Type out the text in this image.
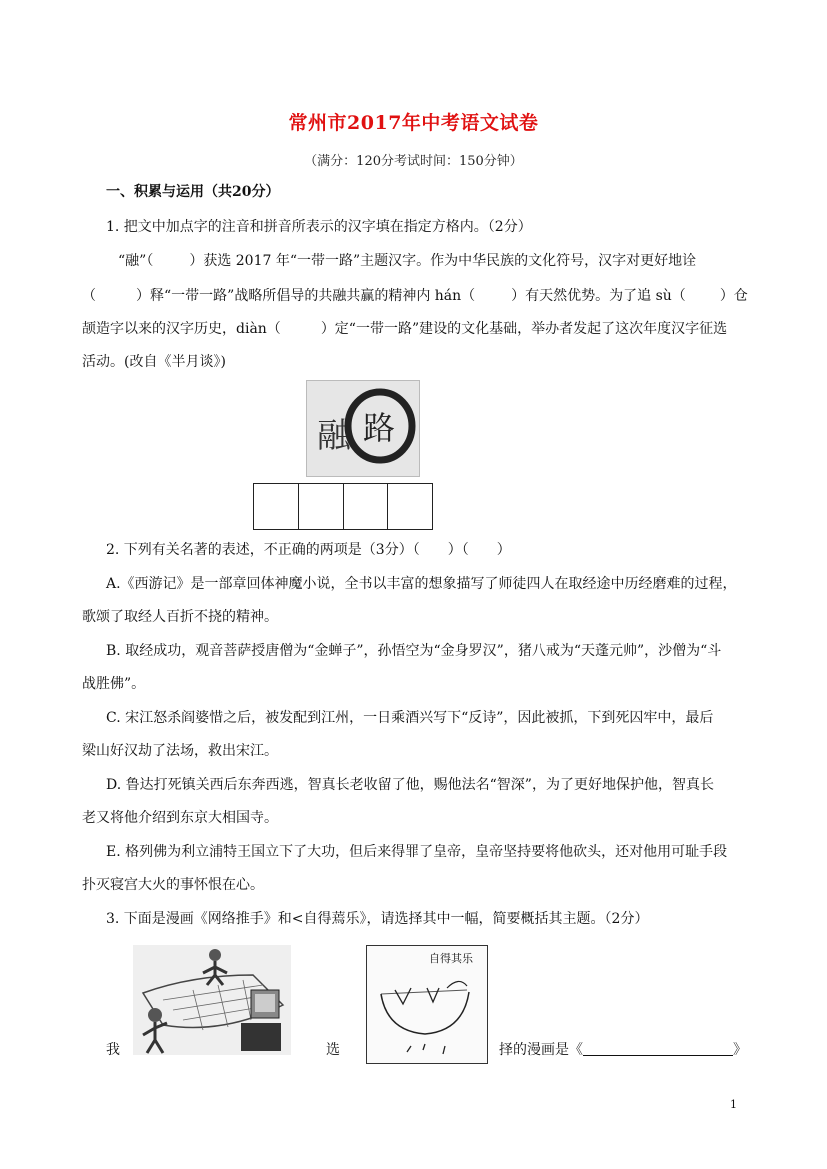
常州市2017年中考语文试卷
（满分：120分考试时间：150分钟）
一、积累与运用（共20分）
1. 把文中加点字的注音和拼音所表示的汉字填在指定方格内。（2分）
“融”（	）获选 2017 年“一带一路”主题汉字。作为中华民族的文化符号，汉字对更好地诠
（	）释“一带一路”战略所倡导的共融共赢的精神内 hán（	）有天然优势。为了追 sù（ ）仓
颉造字以来的汉字历史，diàn（	）定“一带一路”建设的文化基础，举办者发起了这次年度汉字征选
活动。(改自《半月谈》)
融 路
2. 下列有关名著的表述，不正确的两项是（3分）（　　）（　　）
A.《西游记》是一部章回体神魔小说，全书以丰富的想象描写了师徒四人在取经途中历经磨难的过程，
歌颂了取经人百折不挠的精神。
B. 取经成功，观音菩萨授唐僧为“金蝉子”，孙悟空为“金身罗汉”，猪八戒为“天蓬元帅”，沙僧为“斗
战胜佛”。
C. 宋江怒杀阎婆惜之后，被发配到江州，一日乘酒兴写下“反诗”，因此被抓，下到死囚牢中，最后
梁山好汉劫了法场，救出宋江。
D. 鲁达打死镇关西后东奔西逃，智真长老收留了他，赐他法名“智深”，为了更好地保护他，智真长
老又将他介绍到东京大相国寺。
E. 格列佛为利立浦特王国立下了大功，但后来得罪了皇帝，皇帝坚持要将他砍头，还对他用可耻手段
扑灭寝宫大火的事怀恨在心。
3. 下面是漫画《网络推手》和<自得蔫乐》，请选择其中一幅，简要概括其主题。（2分）
自得其乐
我	选	择的漫画是《	》
1
